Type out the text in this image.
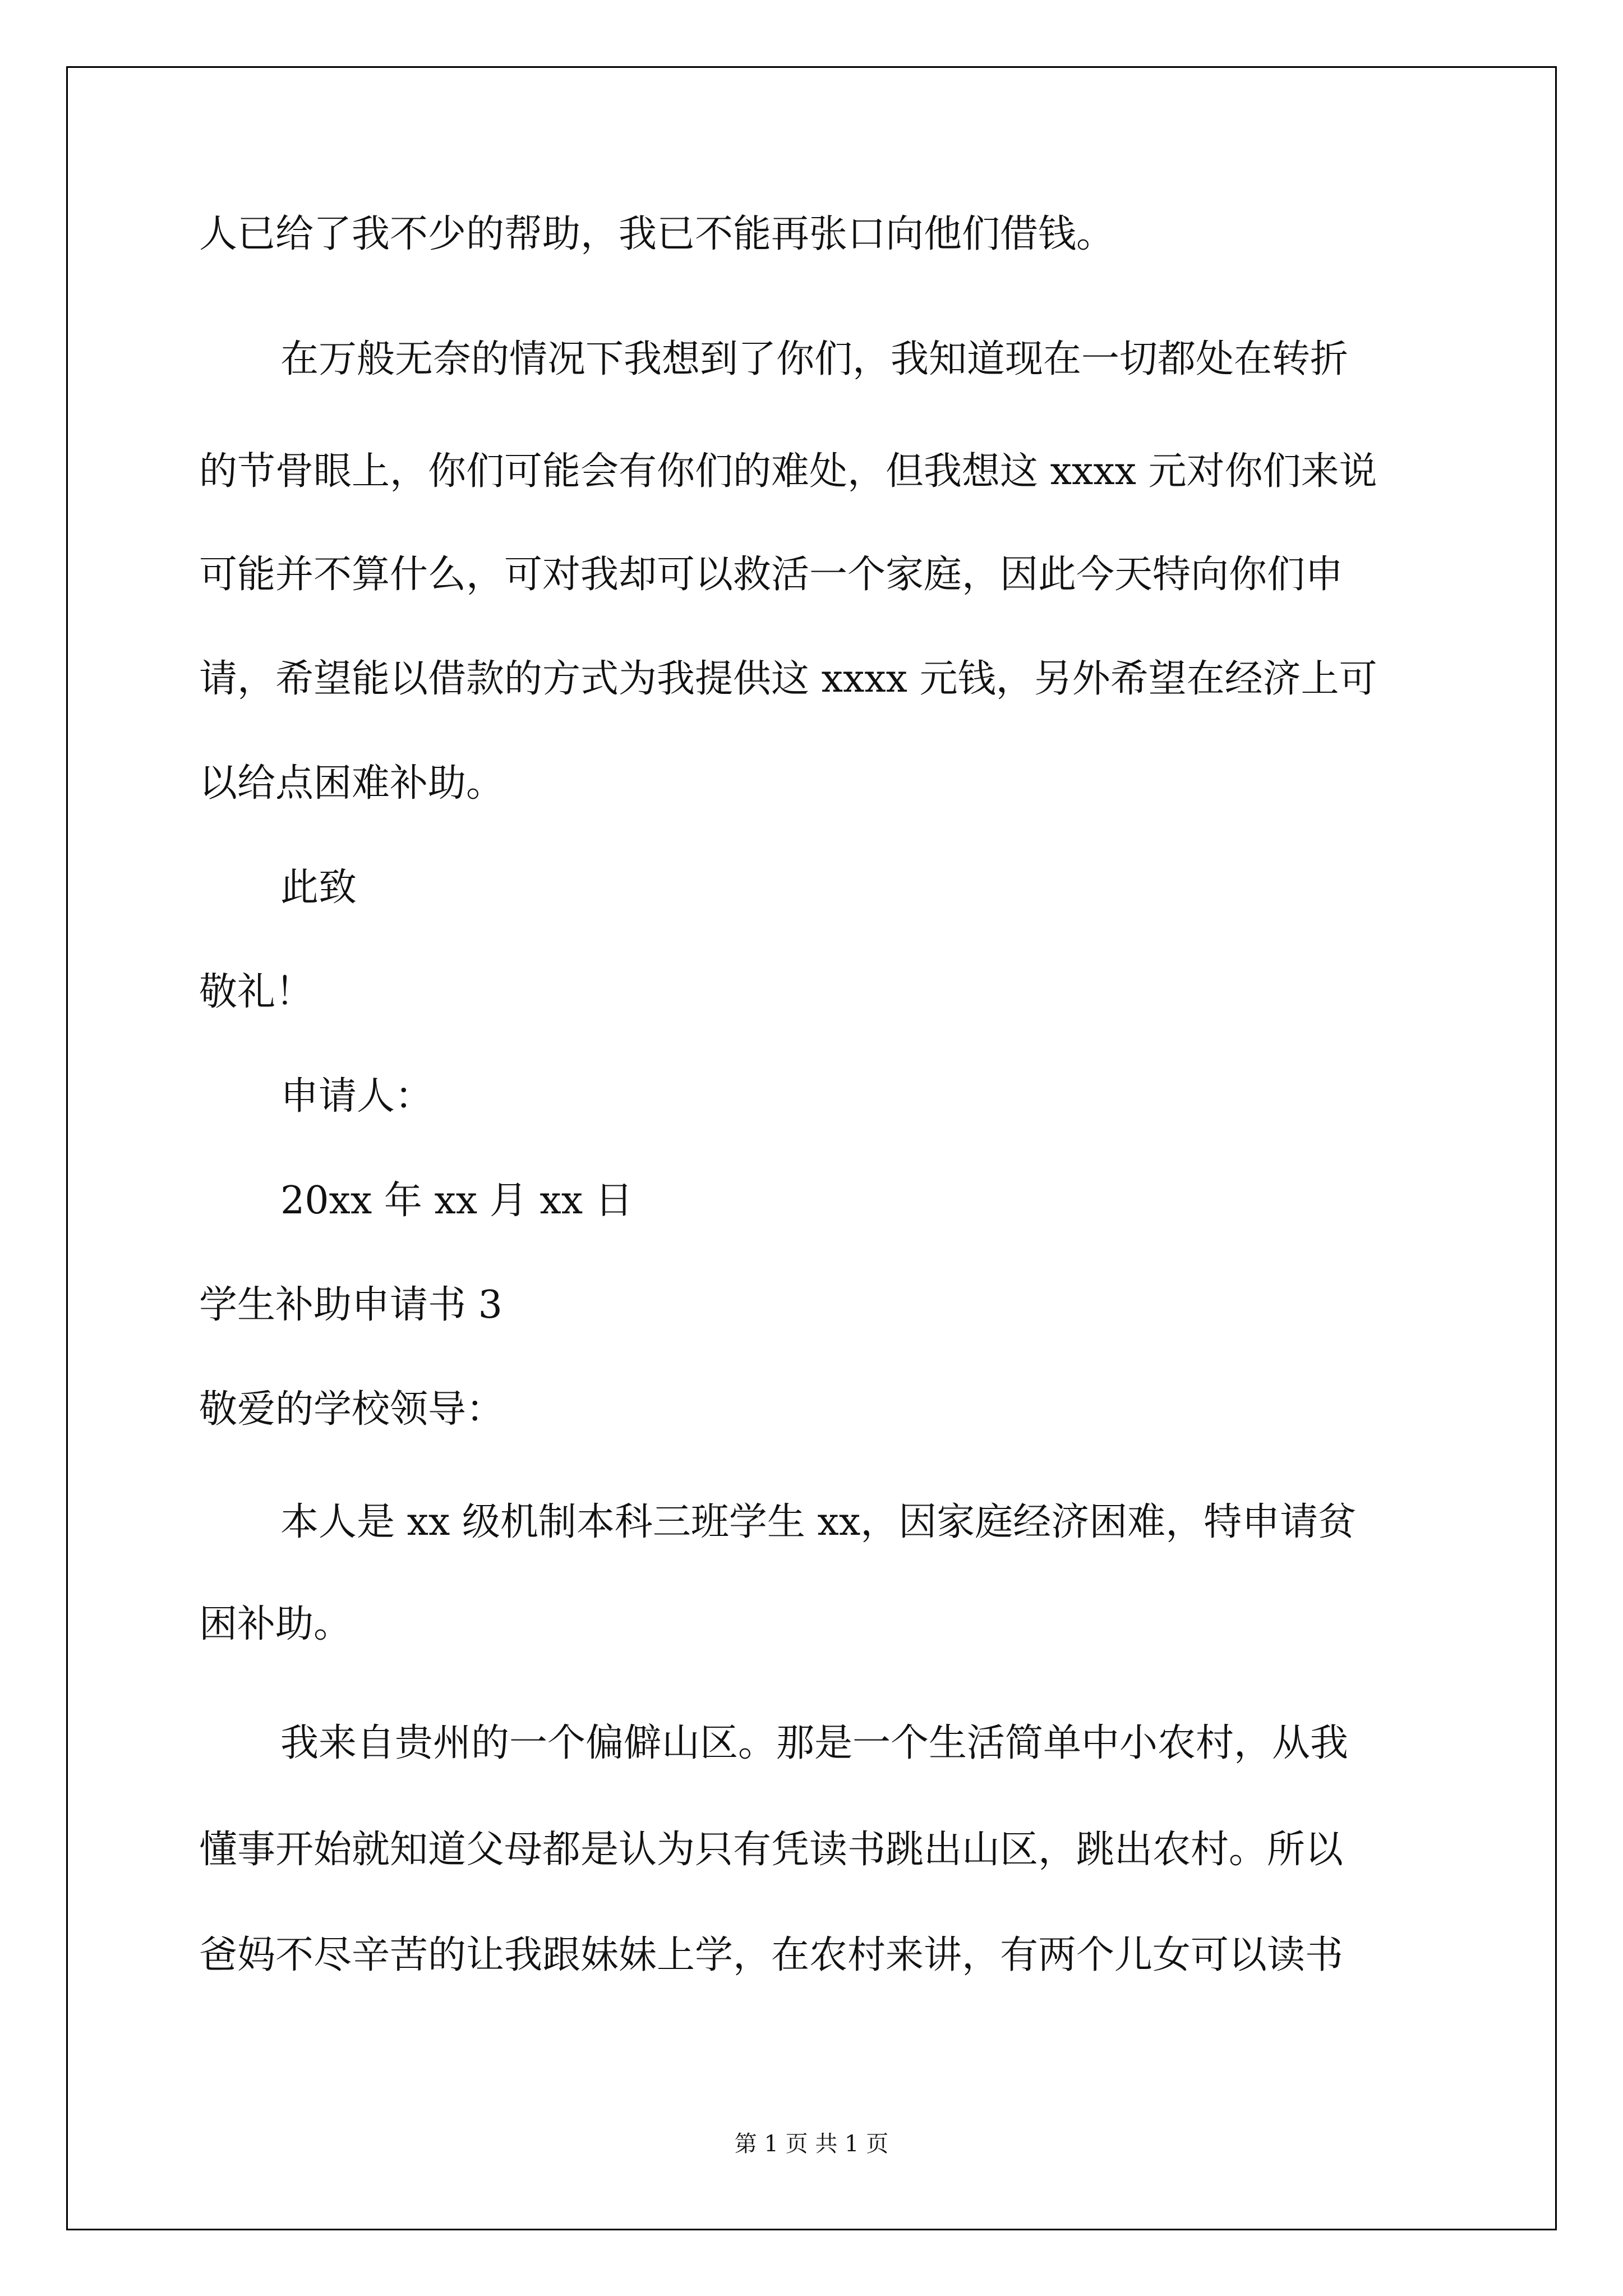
人已给了我不少的帮助，我已不能再张口向他们借钱。

在万般无奈的情况下我想到了你们，我知道现在一切都处在转折

的节骨眼上，你们可能会有你们的难处，但我想这 xxxx 元对你们来说

可能并不算什么，可对我却可以救活一个家庭，因此今天特向你们申

请，希望能以借款的方式为我提供这 xxxx 元钱，另外希望在经济上可

以给点困难补助。

此致

敬礼！

申请人：

20xx 年 xx 月 xx 日

学生补助申请书 3

敬爱的学校领导：

本人是 xx 级机制本科三班学生 xx，因家庭经济困难，特申请贫

困补助。

我来自贵州的一个偏僻山区。那是一个生活简单中小农村，从我

懂事开始就知道父母都是认为只有凭读书跳出山区，跳出农村。所以

爸妈不尽辛苦的让我跟妹妹上学，在农村来讲，有两个儿女可以读书

第 1 页 共 1 页
